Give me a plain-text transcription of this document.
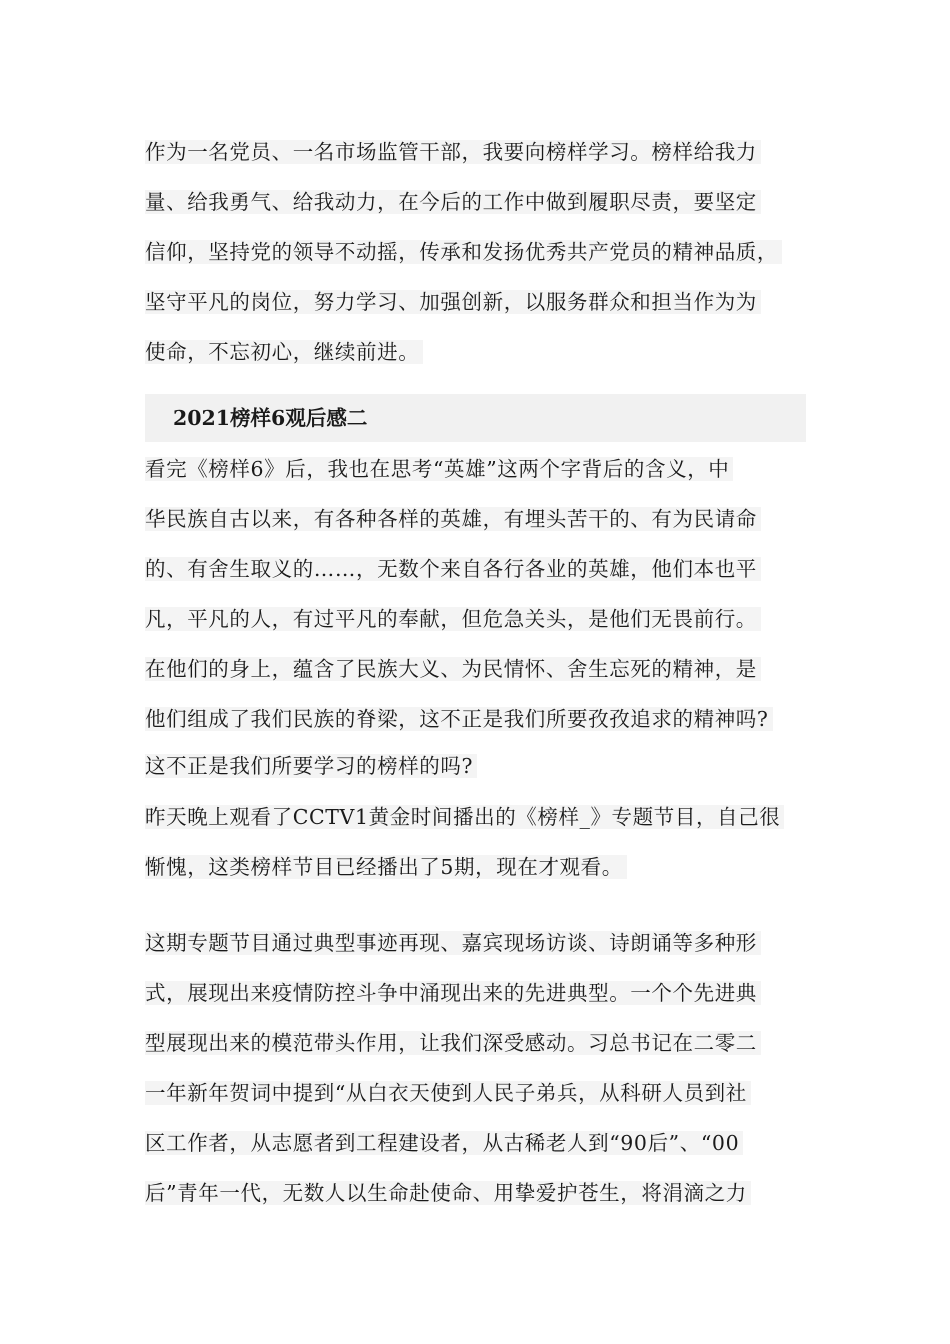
作为一名党员、一名市场监管干部，我要向榜样学习。榜样给我力
量、给我勇气、给我动力，在今后的工作中做到履职尽责，要坚定
信仰，坚持党的领导不动摇，传承和发扬优秀共产党员的精神品质，
坚守平凡的岗位，努力学习、加强创新，以服务群众和担当作为为
使命，不忘初心，继续前进。
2021榜样6观后感二
看完《榜样6》后，我也在思考“英雄”这两个字背后的含义，中
华民族自古以来，有各种各样的英雄，有埋头苦干的、有为民请命
的、有舍生取义的……，无数个来自各行各业的英雄，他们本也平
凡，平凡的人，有过平凡的奉献，但危急关头，是他们无畏前行。
在他们的身上，蕴含了民族大义、为民情怀、舍生忘死的精神，是
他们组成了我们民族的脊梁，这不正是我们所要孜孜追求的精神吗?
这不正是我们所要学习的榜样的吗?
昨天晚上观看了CCTV1黄金时间播出的《榜样_》专题节目，自己很
惭愧，这类榜样节目已经播出了5期，现在才观看。
这期专题节目通过典型事迹再现、嘉宾现场访谈、诗朗诵等多种形
式，展现出来疫情防控斗争中涌现出来的先进典型。一个个先进典
型展现出来的模范带头作用，让我们深受感动。习总书记在二零二
一年新年贺词中提到“从白衣天使到人民子弟兵，从科研人员到社
区工作者，从志愿者到工程建设者，从古稀老人到“90后”、“00
后”青年一代，无数人以生命赴使命、用挚爱护苍生，将涓滴之力
